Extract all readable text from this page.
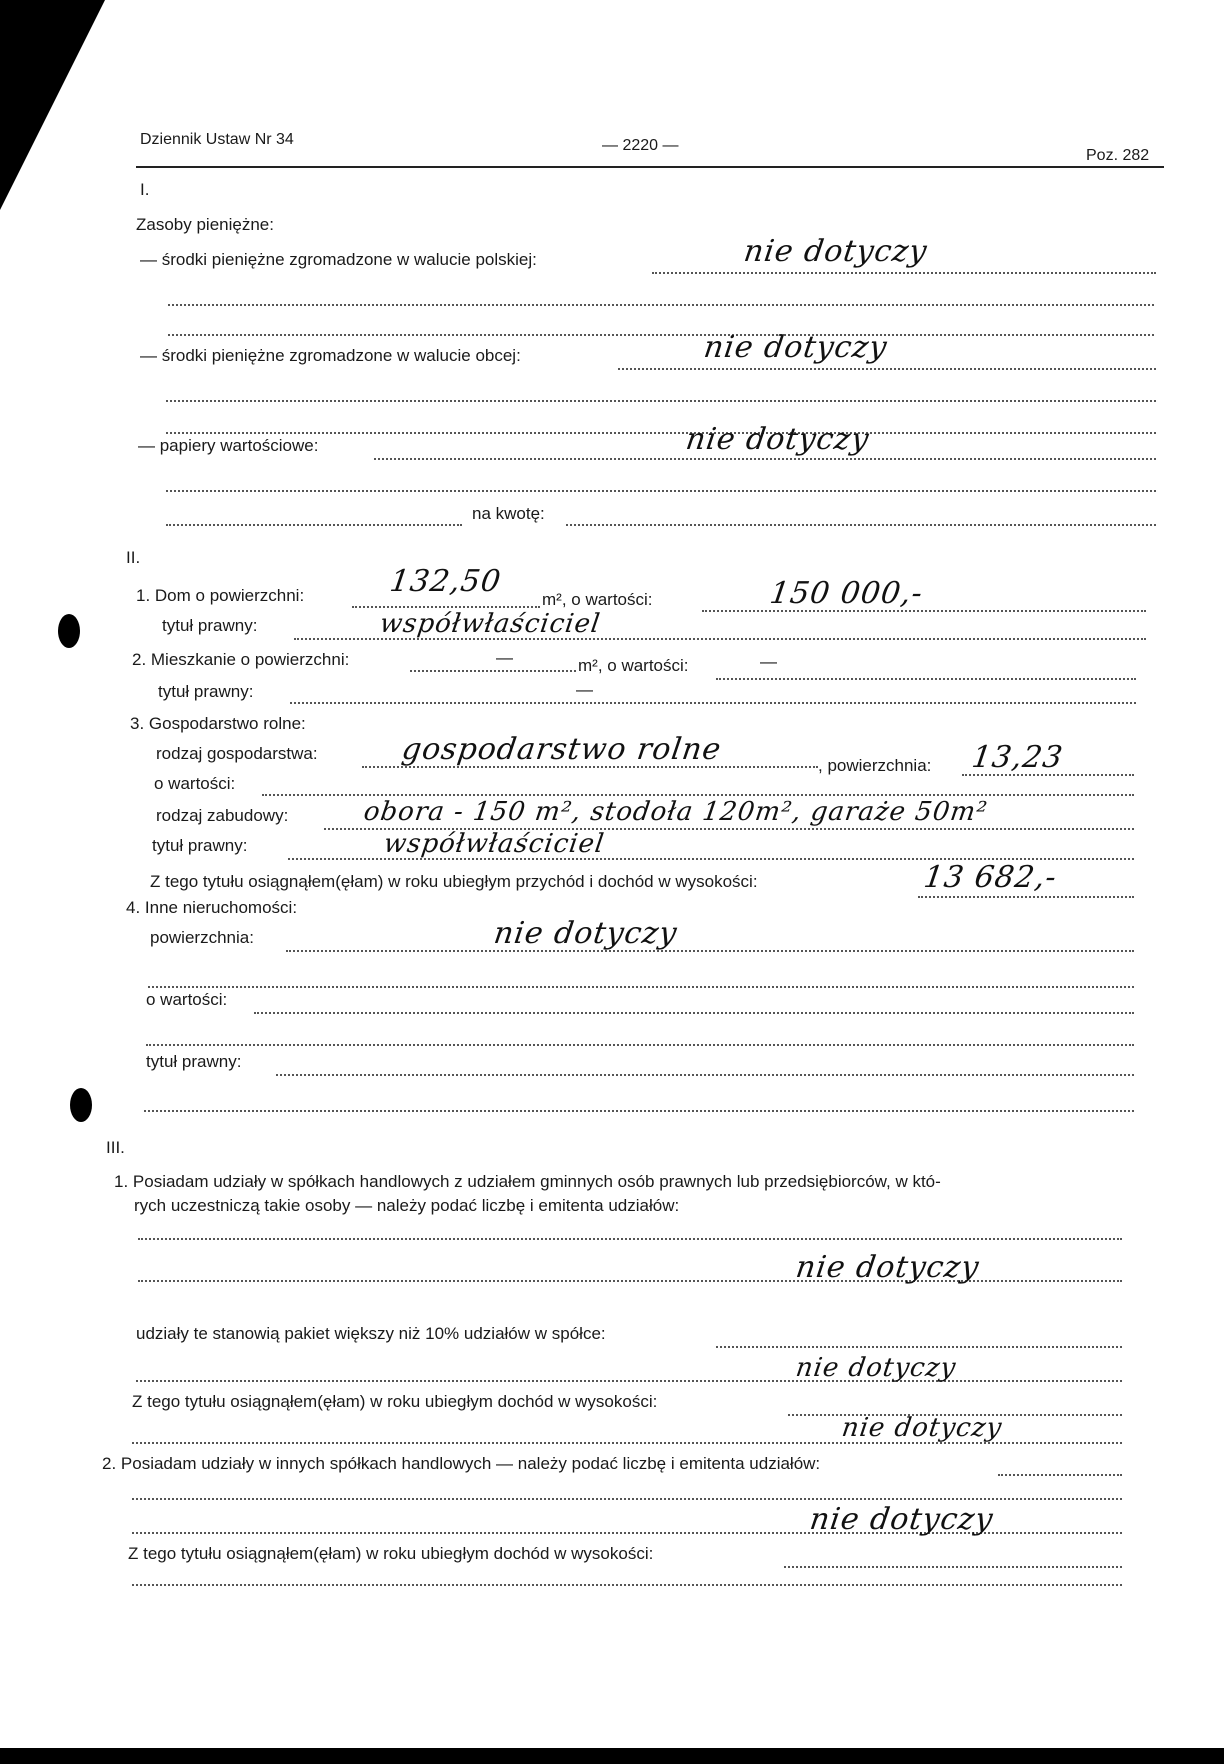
Dziennik Ustaw Nr 34	— 2220 —
Poz. 282
I.
Zasoby pieniężne:
— środki pieniężne zgromadzone w walucie polskiej:	nie dotyczy
— środki pieniężne zgromadzone w walucie obcej:	nie dotyczy
— papiery wartościowe:	nie dotyczy
na kwotę:
II.
1. Dom o powierzchni:	132,50
m², o wartości:	150 000,-
tytuł prawny:	współwłaściciel
2. Mieszkanie o powierzchni:	—	m², o wartości:	—
tytuł prawny:	—
3. Gospodarstwo rolne:
rodzaj gospodarstwa:	gospodarstwo rolne	, powierzchnia: 13,23
o wartości:
rodzaj zabudowy:	obora - 150 m², stodoła 120m², garaże 50m²
tytuł prawny:	współwłaściciel
Z tego tytułu osiągnąłem(ęłam) w roku ubiegłym przychód i dochód w wysokości:	13 682,-
4. Inne nieruchomości:
powierzchnia:	nie dotyczy
o wartości:
tytuł prawny:
III.
1. Posiadam udziały w spółkach handlowych z udziałem gminnych osób prawnych lub przedsiębiorców, w któ-
rych uczestniczą takie osoby — należy podać liczbę i emitenta udziałów:
nie dotyczy
udziały te stanowią pakiet większy niż 10% udziałów w spółce:
nie dotyczy
Z tego tytułu osiągnąłem(ęłam) w roku ubiegłym dochód w wysokości:
nie dotyczy
2. Posiadam udziały w innych spółkach handlowych — należy podać liczbę i emitenta udziałów:
nie dotyczy
Z tego tytułu osiągnąłem(ęłam) w roku ubiegłym dochód w wysokości:
